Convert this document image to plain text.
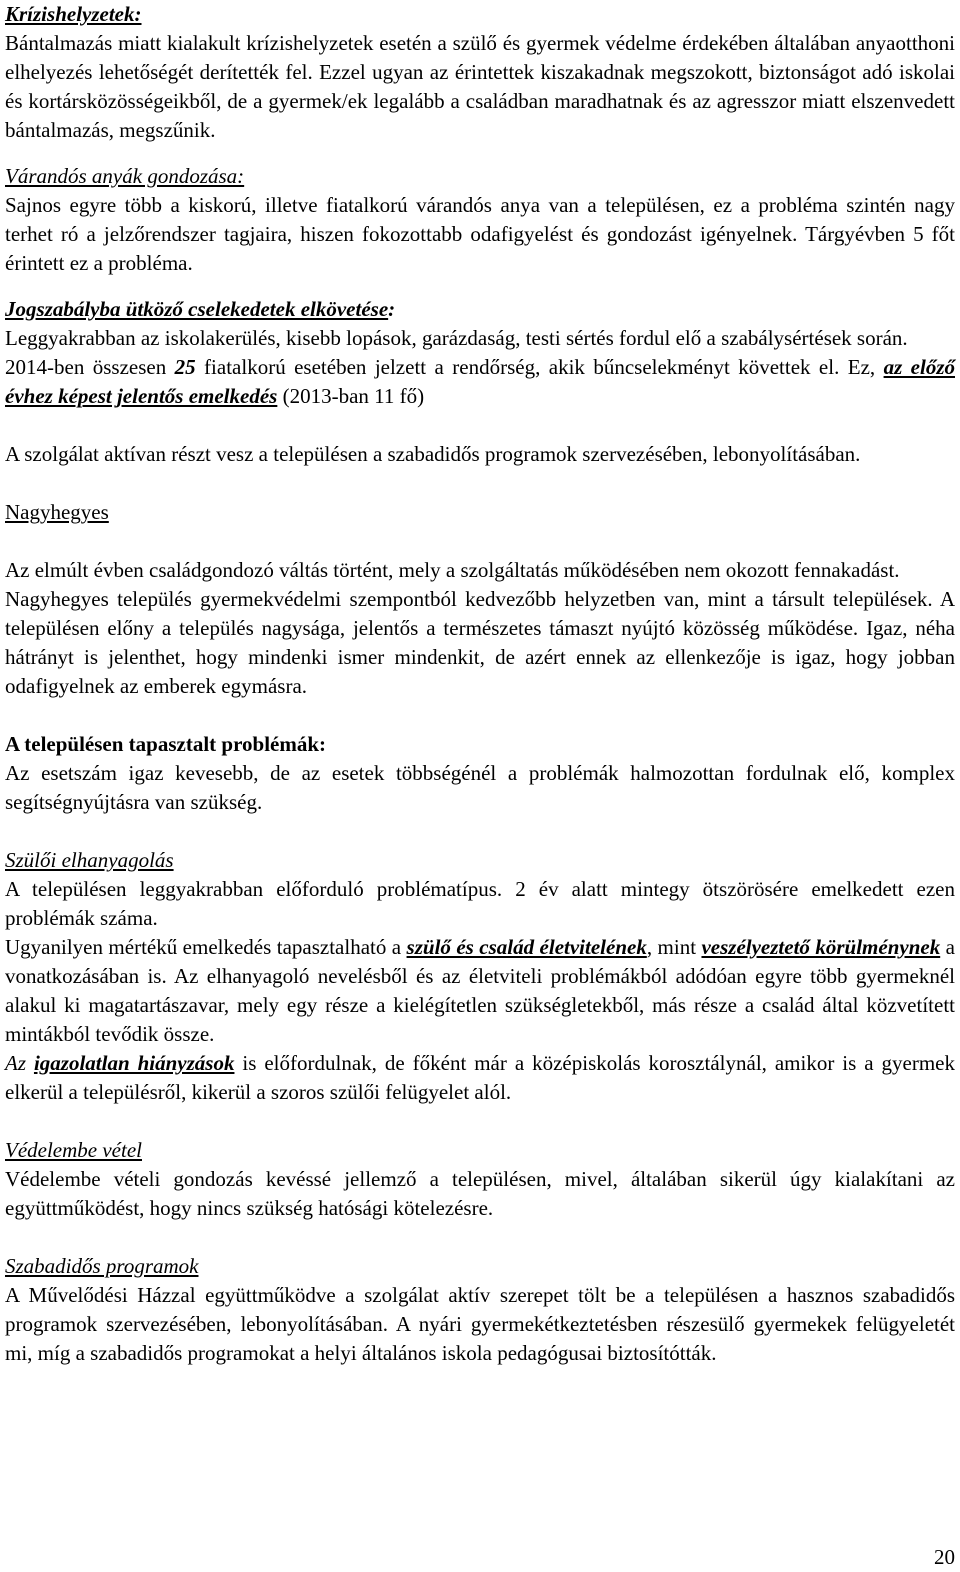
Krízishelyzetek:

Bántalmazás miatt kialakult krízishelyzetek esetén a szülő és gyermek védelme érdekében általában anyaotthoni elhelyezés lehetőségét derítették fel. Ezzel ugyan az érintettek kiszakadnak megszokott, biztonságot adó iskolai és kortársközösségeikből, de a gyermek/ek legalább a családban maradhatnak és az agresszor miatt elszenvedett bántalmazás, megszűnik.

Várandós anyák gondozása:

Sajnos egyre több a kiskorú, illetve fiatalkorú várandós anya van a településen, ez a probléma szintén nagy terhet ró a jelzőrendszer tagjaira, hiszen fokozottabb odafigyelést és gondozást igényelnek. Tárgyévben 5 főt érintett ez a probléma.

Jogszabályba ütköző cselekedetek elkövetése:

Leggyakrabban az iskolakerülés, kisebb lopások, garázdaság, testi sértés fordul elő a szabálysértések során.

2014-ben összesen 25 fiatalkorú esetében jelzett a rendőrség, akik bűncselekményt követtek el. Ez, az előző évhez képest jelentős emelkedés (2013-ban 11 fő)

A szolgálat aktívan részt vesz a településen a szabadidős programok szervezésében, lebonyolításában.

Nagyhegyes

Az elmúlt évben családgondozó váltás történt, mely a szolgáltatás működésében nem okozott fennakadást.

Nagyhegyes település gyermekvédelmi szempontból kedvezőbb helyzetben van, mint a társult települések. A településen előny a település nagysága, jelentős a természetes támaszt nyújtó közösség működése. Igaz, néha hátrányt is jelenthet, hogy mindenki ismer mindenkit, de azért ennek az ellenkezője is igaz, hogy jobban odafigyelnek az emberek egymásra.

A településen tapasztalt problémák:

Az esetszám igaz kevesebb, de az esetek többségénél a problémák halmozottan fordulnak elő, komplex segítségnyújtásra van szükség.

Szülői elhanyagolás

A településen leggyakrabban előforduló problématípus. 2 év alatt mintegy ötszörösére emelkedett ezen problémák száma.

Ugyanilyen mértékű emelkedés tapasztalható a szülő és család életvitelének, mint veszélyeztető körülménynek a vonatkozásában is. Az elhanyagoló nevelésből és az életviteli problémákból adódóan egyre több gyermeknél alakul ki magatartászavar, mely egy része a kielégítetlen szükségletekből, más része a család által közvetített mintákból tevődik össze.

Az igazolatlan hiányzások is előfordulnak, de főként már a középiskolás korosztálynál, amikor is a gyermek elkerül a településről, kikerül a szoros szülői felügyelet alól.

Védelembe vétel

Védelembe vételi gondozás kevéssé jellemző a településen, mivel, általában sikerül úgy kialakítani az együttműködést, hogy nincs szükség hatósági kötelezésre.

Szabadidős programok

A Művelődési Házzal együttműködve a szolgálat aktív szerepet tölt be a településen a hasznos szabadidős programok szervezésében, lebonyolításában. A nyári gyermekétkeztetésben részesülő gyermekek felügyeletét mi, míg a szabadidős programokat a helyi általános iskola pedagógusai biztosítótták.

20
